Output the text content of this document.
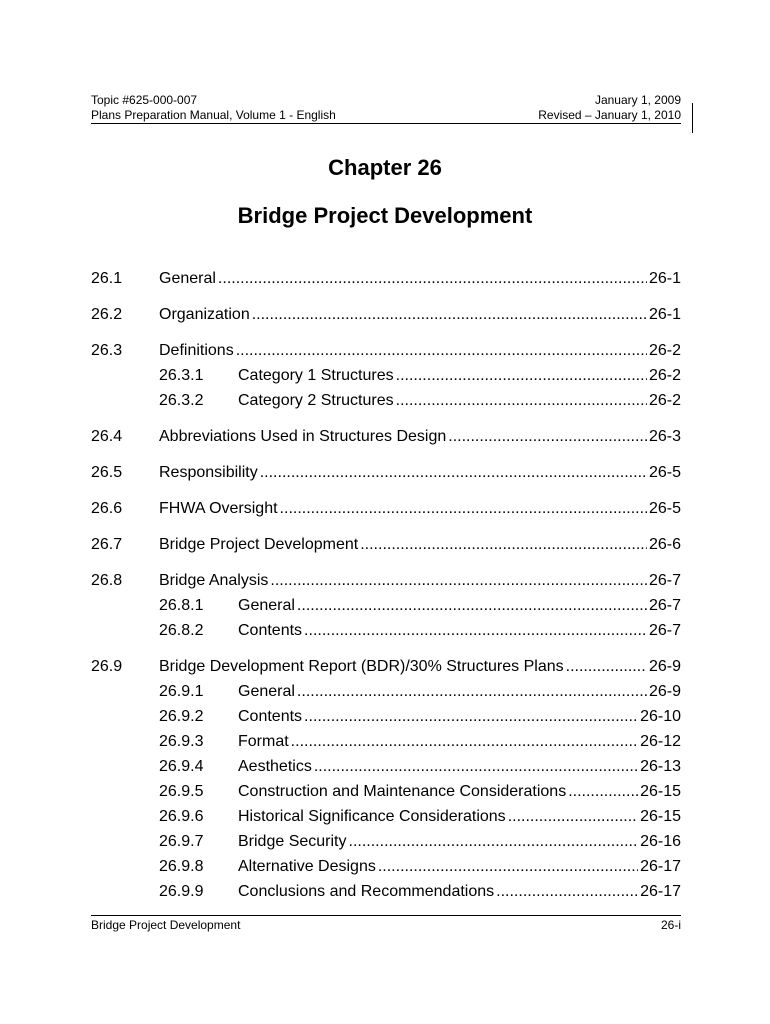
Topic #625-000-007	January 1, 2009
Plans Preparation Manual, Volume 1 - English	Revised – January 1, 2010
Chapter 26
Bridge Project Development
26.1	General .....	26-1
26.2	Organization .....	26-1
26.3	Definitions .....	26-2
26.3.1	Category 1 Structures .....	26-2
26.3.2	Category 2 Structures .....	26-2
26.4	Abbreviations Used in Structures Design .....	26-3
26.5	Responsibility .....	26-5
26.6	FHWA Oversight .....	26-5
26.7	Bridge Project Development .....	26-6
26.8	Bridge Analysis .....	26-7
26.8.1	General .....	26-7
26.8.2	Contents .....	26-7
26.9	Bridge Development Report (BDR)/30% Structures Plans .....	26-9
26.9.1	General .....	26-9
26.9.2	Contents .....	26-10
26.9.3	Format .....	26-12
26.9.4	Aesthetics .....	26-13
26.9.5	Construction and Maintenance Considerations .....	26-15
26.9.6	Historical Significance Considerations .....	26-15
26.9.7	Bridge Security .....	26-16
26.9.8	Alternative Designs .....	26-17
26.9.9	Conclusions and Recommendations .....	26-17
Bridge Project Development	26-i
